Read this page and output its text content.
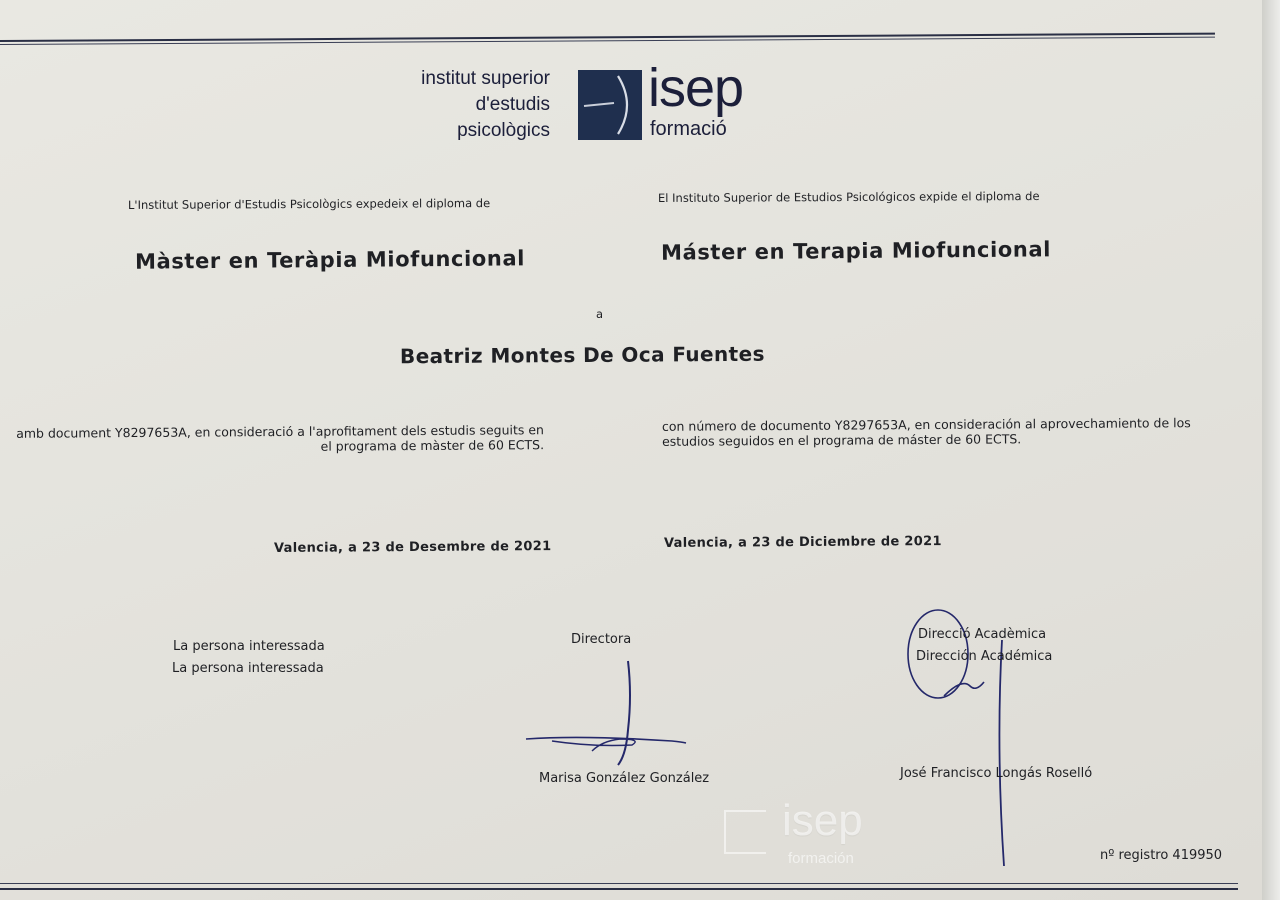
institut superior
d'estudis
psicològics
isep
formació
L'Institut Superior d'Estudis Psicològics expedeix el diploma de	El Instituto Superior de Estudios Psicológicos expide el diploma de
Màster en Teràpia Miofuncional	Máster en Terapia Miofuncional
a
Beatriz Montes De Oca Fuentes
amb document Y8297653A, en consideració a l'aprofitament dels estudis seguits en el programa de màster de 60 ECTS.
con número de documento Y8297653A, en consideración al aprovechamiento de los estudios seguidos en el programa de máster de 60 ECTS.
Valencia, a 23 de Desembre de 2021	Valencia, a 23 de Diciembre de 2021
La persona interessada
La persona interessada
Directora
Marisa González González
Direcció Acadèmica
Dirección Académica
José Francisco Longás Roselló
isep
formación	nº registro 419950
